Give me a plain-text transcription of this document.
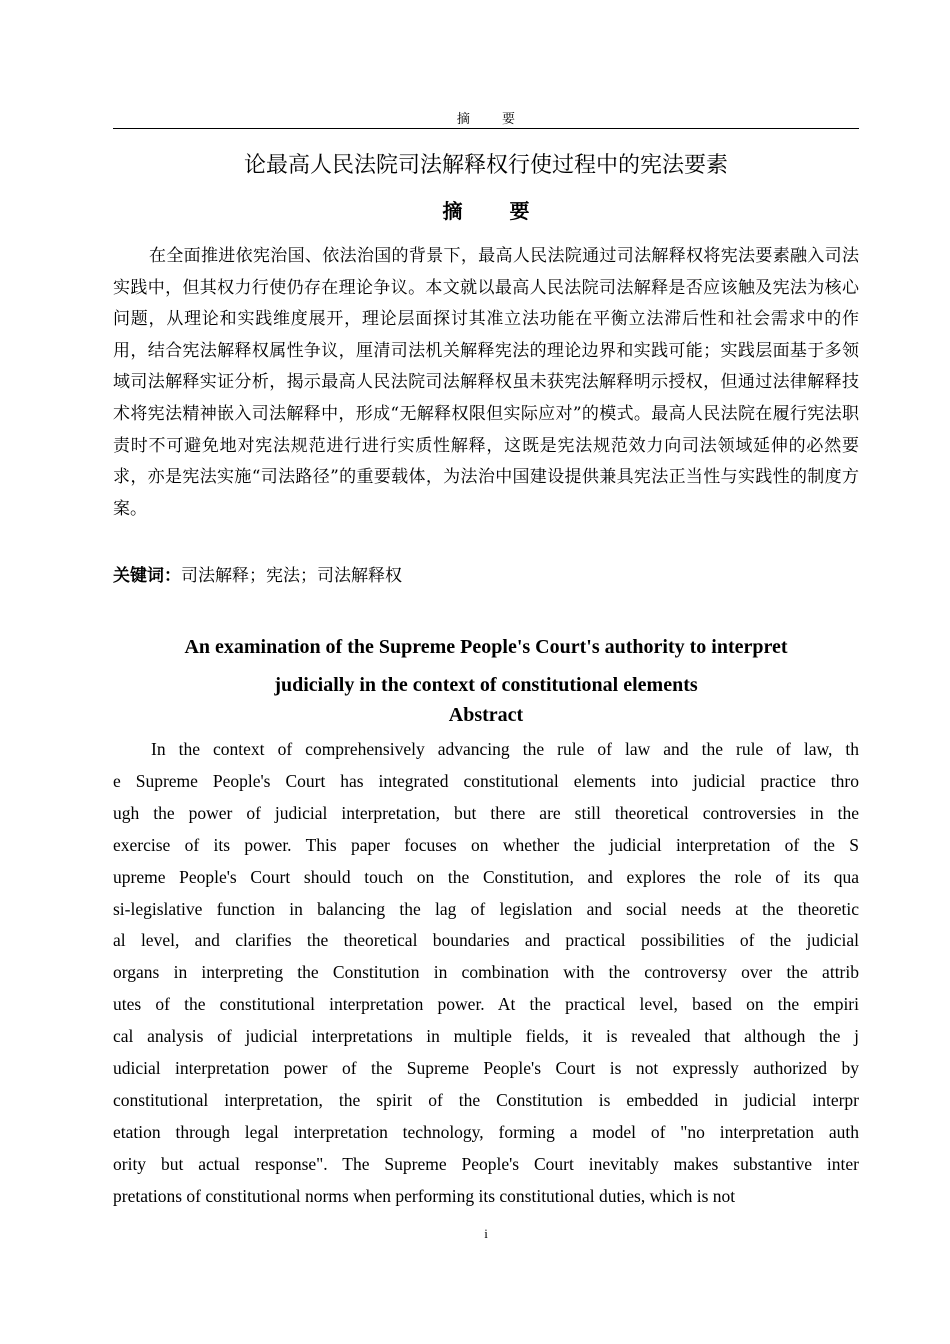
摘 要
论最高人民法院司法解释权行使过程中的宪法要素
摘 要

在全面推进依宪治国、依法治国的背景下，最高人民法院通过司法解释权将宪法要素融入司法实践中，但其权力行使仍存在理论争议。本文就以最高人民法院司法解释是否应该触及宪法为核心问题，从理论和实践维度展开，理论层面探讨其准立法功能在平衡立法滞后性和社会需求中的作用，结合宪法解释权属性争议，厘清司法机关解释宪法的理论边界和实践可能；实践层面基于多领域司法解释实证分析，揭示最高人民法院司法解释权虽未获宪法解释明示授权，但通过法律解释技术将宪法精神嵌入司法解释中，形成“无解释权限但实际应对”的模式。最高人民法院在履行宪法职责时不可避免地对宪法规范进行进行实质性解释，这既是宪法规范效力向司法领域延伸的必然要求，亦是宪法实施“司法路径”的重要载体，为法治中国建设提供兼具宪法正当性与实践性的制度方案。

关键词：司法解释；宪法；司法解释权
An examination of the Supreme People's Court's authority to interpret
judicially in the context of constitutional elements
Abstract

In the context of comprehensively advancing the rule of law and the rule of law, th
e Supreme People's Court has integrated constitutional elements into judicial practice thro
ugh the power of judicial interpretation, but there are still theoretical controversies in the
exercise of its power. This paper focuses on whether the judicial interpretation of the S
upreme People's Court should touch on the Constitution, and explores the role of its qua
si-legislative function in balancing the lag of legislation and social needs at the theoretic
al level, and clarifies the theoretical boundaries and practical possibilities of the judicial
organs in interpreting the Constitution in combination with the controversy over the attrib
utes of the constitutional interpretation power. At the practical level, based on the empiri
cal analysis of judicial interpretations in multiple fields, it is revealed that although the j
udicial interpretation power of the Supreme People's Court is not expressly authorized by
constitutional interpretation, the spirit of the Constitution is embedded in judicial interpr
etation through legal interpretation technology, forming a model of "no interpretation auth
ority but actual response". The Supreme People's Court inevitably makes substantive inter
pretations of constitutional norms when performing its constitutional duties, which is not

i
